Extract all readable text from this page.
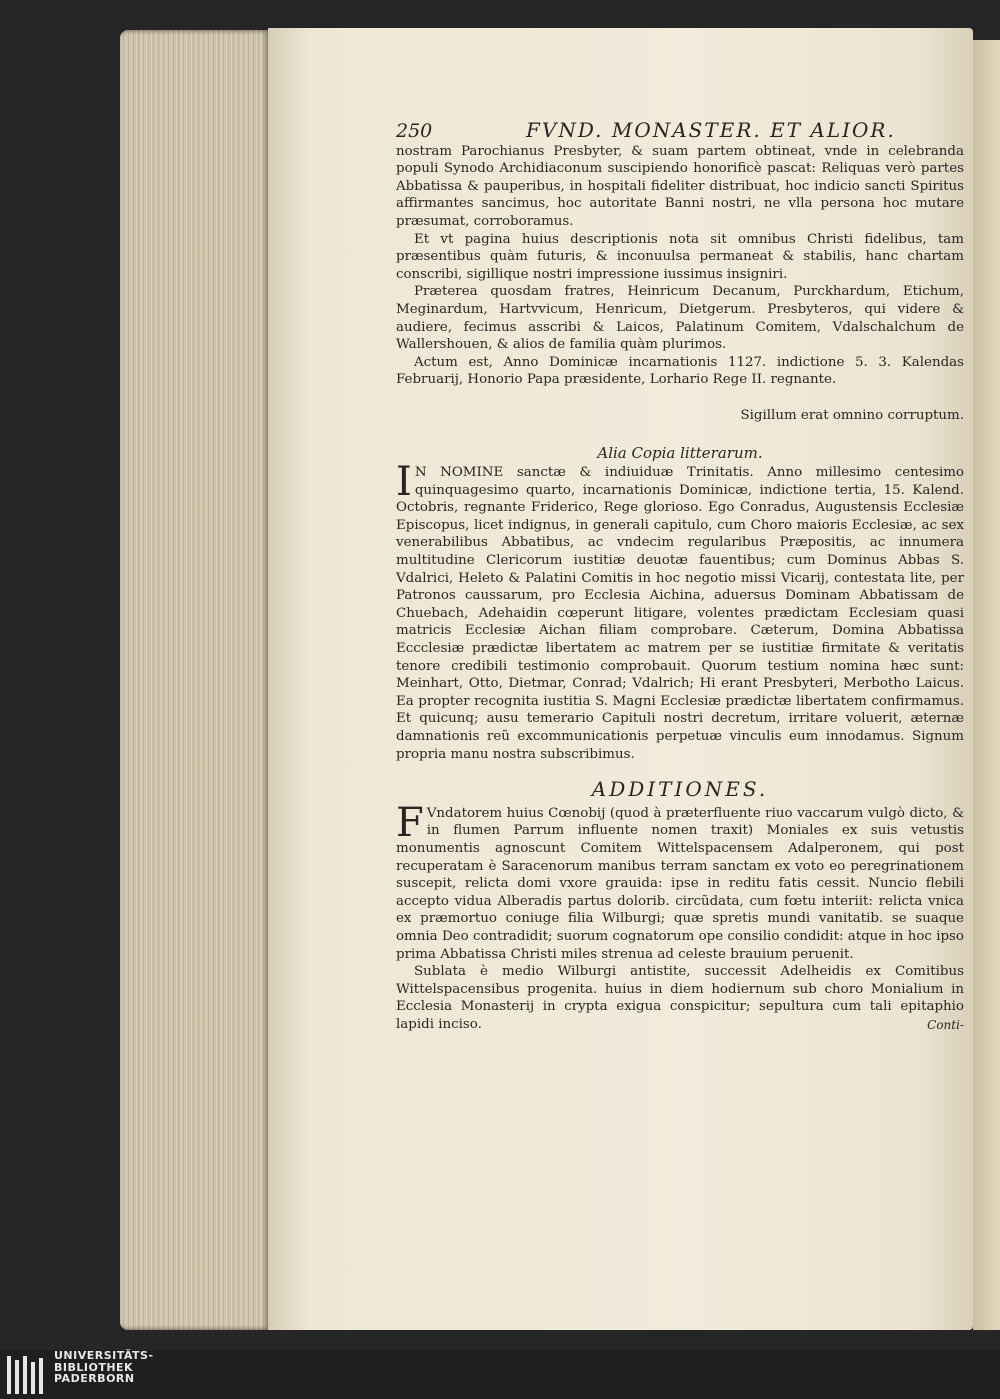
250	FVND. MONASTER. ET ALIOR.

nostram Parochianus Presbyter, & suam partem obtineat, vnde in celebranda populi Synodo Archidiaconum suscipiendo honorificè pascat: Reliquas verò partes Abbatissa & pauperibus, in hospitali fideliter distribuat, hoc indicio sancti Spiritus affirmantes sancimus, hoc autoritate Banni nostri, ne vlla persona hoc mutare præsumat, corroboramus.

Et vt pagina huius descriptionis nota sit omnibus Christi fidelibus, tam præsentibus quàm futuris, & inconuulsa permaneat & stabilis, hanc chartam conscribi, sigillique nostri impressione iussimus insigniri.

Præterea quosdam fratres, Heinricum Decanum, Purckhardum, Etichum, Meginardum, Hartvvicum, Henricum, Dietgerum. Presbyteros, qui videre & audiere, fecimus asscribi & Laicos, Palatinum Comitem, Vdalschalchum de Wallershouen, & alios de familia quàm plurimos.

Actum est, Anno Dominicæ incarnationis 1127. indictione 5. 3. Kalendas Februarij, Honorio Papa præsidente, Lorhario Rege II. regnante.

Sigillum erat omnino corruptum.

Alia Copia litterarum.

IN NOMINE sanctæ & indiuiduæ Trinitatis. Anno millesimo centesimo quinquagesimo quarto, incarnationis Dominicæ, indictione tertia, 15. Kalend. Octobris, regnante Friderico, Rege glorioso. Ego Conradus, Augustensis Ecclesiæ Episcopus, licet indignus, in generali capitulo, cum Choro maioris Ecclesiæ, ac sex venerabilibus Abbatibus, ac vndecim regularibus Præpositis, ac innumera multitudine Clericorum iustitiæ deuotæ fauentibus; cum Dominus Abbas S. Vdalrici, Heleto & Palatini Comitis in hoc negotio missi Vicarij, contestata lite, per Patronos caussarum, pro Ecclesia Aichina, aduersus Dominam Abbatissam de Chuebach, Adehaidin cœperunt litigare, volentes prædictam Ecclesiam quasi matricis Ecclesiæ Aichan filiam comprobare. Cæterum, Domina Abbatissa Eccclesiæ prædictæ libertatem ac matrem per se iustitiæ firmitate & veritatis tenore credibili testimonio comprobauit. Quorum testium nomina hæc sunt: Meinhart, Otto, Dietmar, Conrad; Vdalrich; Hi erant Presbyteri, Merbotho Laicus. Ea propter recognita iustitia S. Magni Ecclesiæ prædictæ libertatem confirmamus. Et quicunq; ausu temerario Capituli nostri decretum, irritare voluerit, æternæ damnationis reũ excommunicationis perpetuæ vinculis eum innodamus. Signum propria manu nostra subscribimus.

ADDITIONES.

FVndatorem huius Cœnobij (quod à præterfluente riuo vaccarum vulgò dicto, & in flumen Parrum influente nomen traxit) Moniales ex suis vetustis monumentis agnoscunt Comitem Wittelspacensem Adalperonem, qui post recuperatam è Saracenorum manibus terram sanctam ex voto eo peregrinationem suscepit, relicta domi vxore grauida: ipse in reditu fatis cessit. Nuncio flebili accepto vidua Alberadis partus dolorib. circũdata, cum fœtu interiit: relicta vnica ex præmortuo coniuge filia Wilburgi; quæ spretis mundi vanitatib. se suaque omnia Deo contradidit; suorum cognatorum ope consilio condidit: atque in hoc ipso prima Abbatissa Christi miles strenua ad celeste brauium peruenit.

Sublata è medio Wilburgi antistite, successit Adelheidis ex Comitibus Wittelspacensibus progenita. huius in diem hodiernum sub choro Monialium in Ecclesia Monasterij in crypta exigua conspicitur; sepultura cum tali epitaphio lapidi inciso.	Conti-
UNIVERSITÄTS-
BIBLIOTHEK
PADERBORN
